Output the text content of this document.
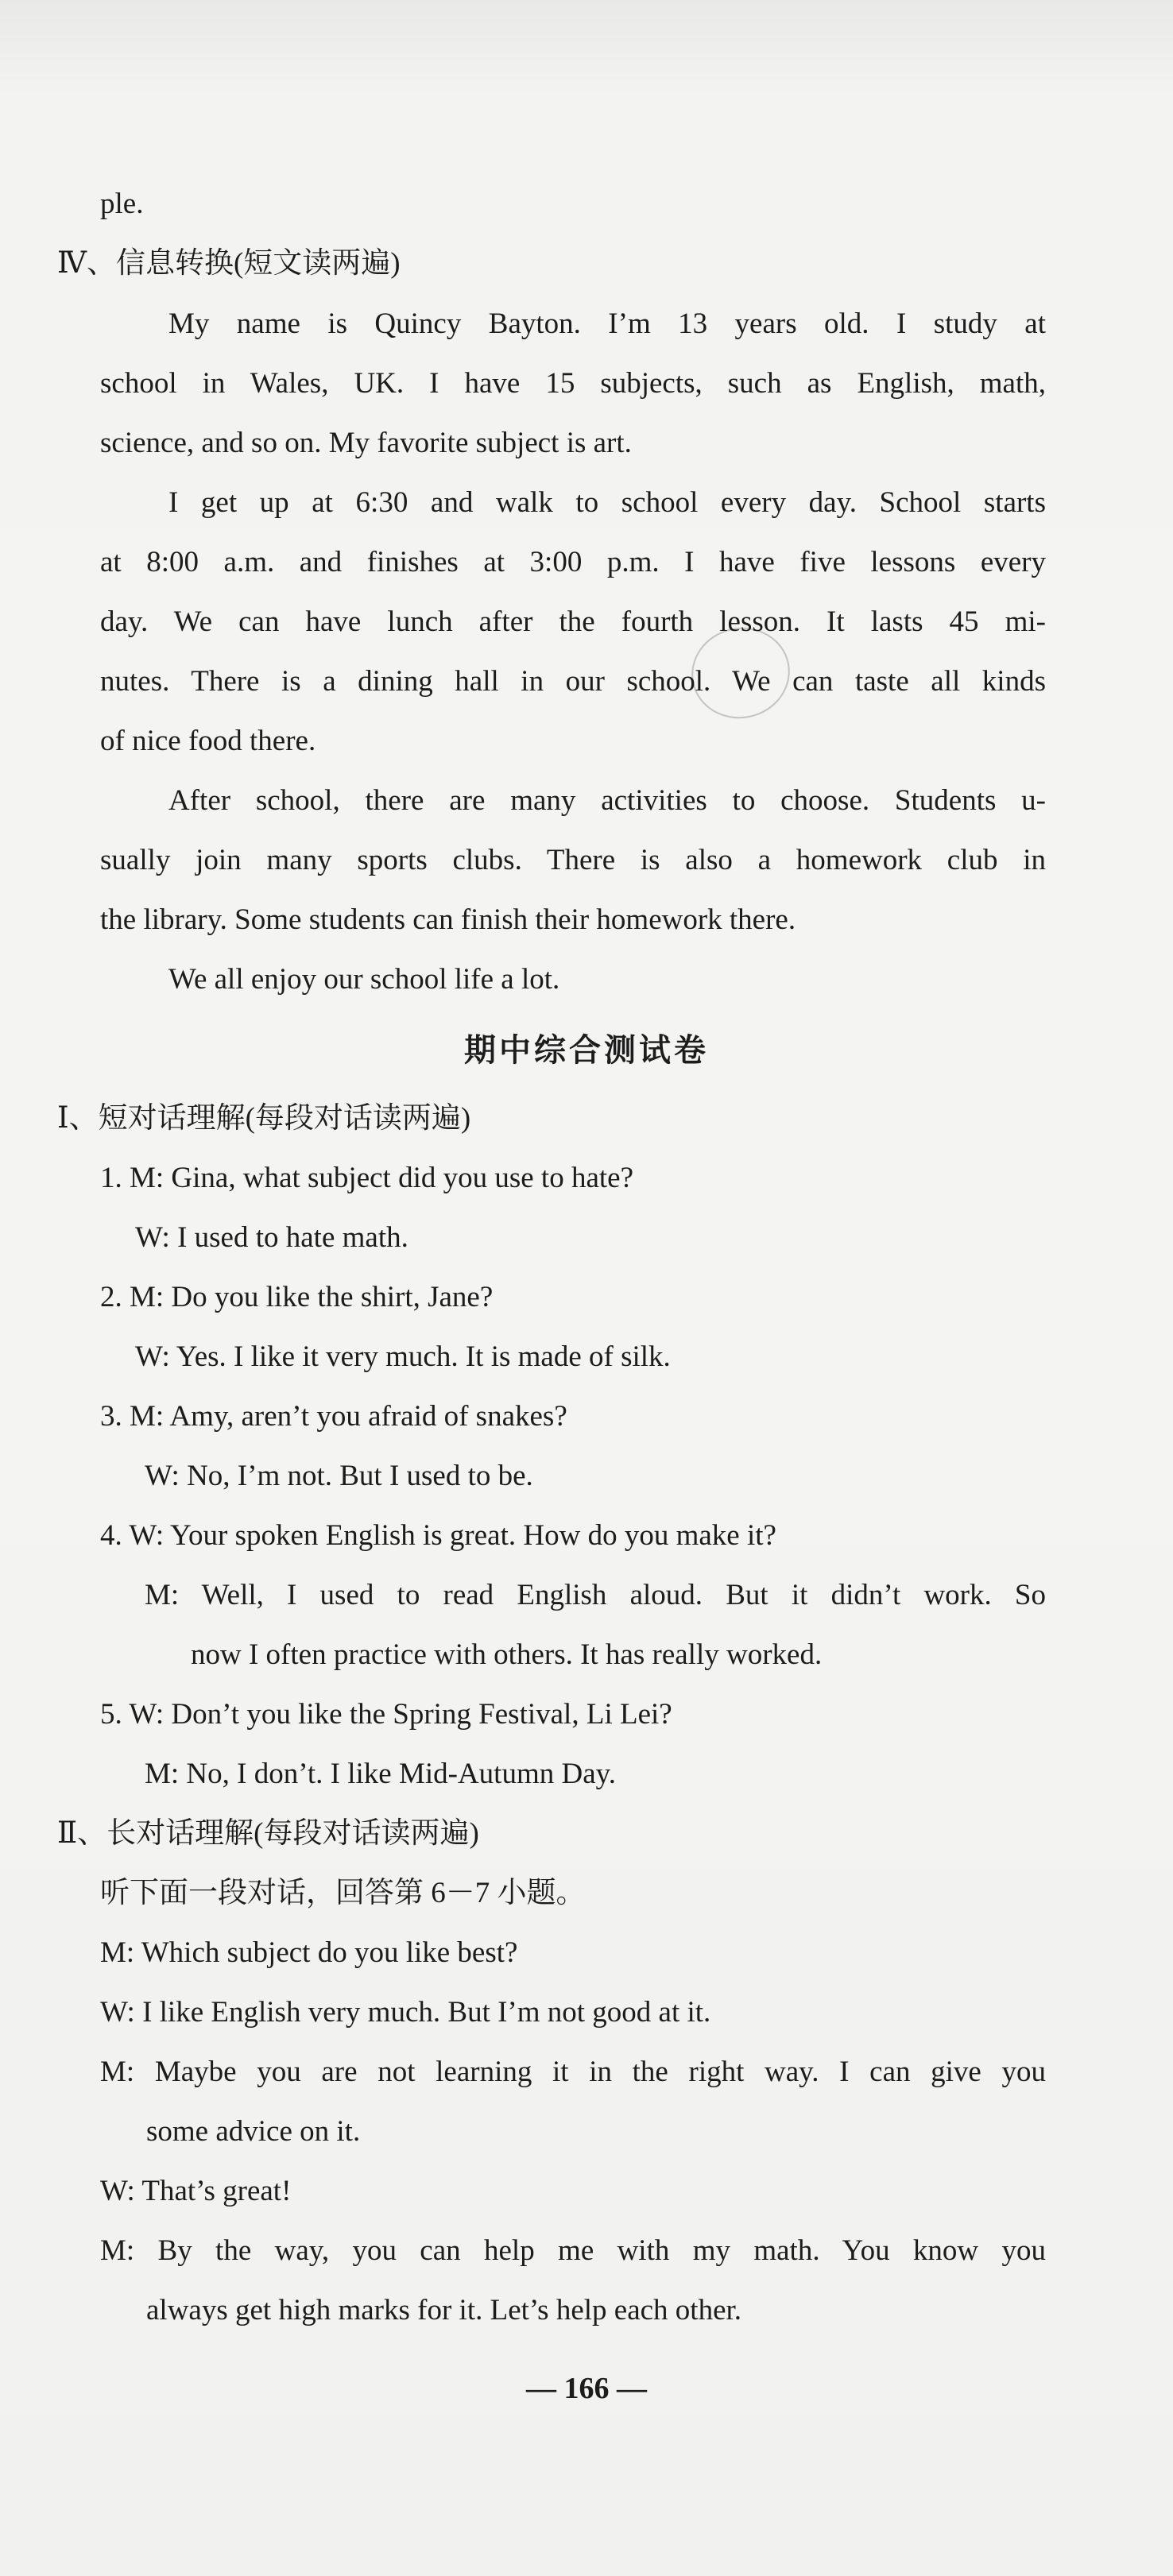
ple.
Ⅳ、信息转换(短文读两遍)
My name is Quincy Bayton. I’m 13 years old. I study at
school in Wales, UK. I have 15 subjects, such as English, math,
science, and so on. My favorite subject is art.
I get up at 6:30 and walk to school every day. School starts
at 8:00 a.m. and finishes at 3:00 p.m. I have five lessons every
day. We can have lunch after the fourth lesson. It lasts 45 mi-
nutes. There is a dining hall in our school. We can taste all kinds
of nice food there.
After school, there are many activities to choose. Students u-
sually join many sports clubs. There is also a homework club in
the library. Some students can finish their homework there.
We all enjoy our school life a lot.
Ⅰ、短对话理解(每段对话读两遍)
1. M: Gina, what subject did you use to hate?
W: I used to hate math.
2. M: Do you like the shirt, Jane?
W: Yes. I like it very much. It is made of silk.
3. M: Amy, aren’t you afraid of snakes?
W: No, I’m not. But I used to be.
4. W: Your spoken English is great. How do you make it?
M: Well, I used to read English aloud. But it didn’t work. So
now I often practice with others. It has really worked.
5. W: Don’t you like the Spring Festival, Li Lei?
M: No, I don’t. I like Mid-Autumn Day.
Ⅱ、长对话理解(每段对话读两遍)
听下面一段对话，回答第 6－7 小题。
M: Which subject do you like best?
W: I like English very much. But I’m not good at it.
M: Maybe you are not learning it in the right way. I can give you
some advice on it.
W: That’s great!
M: By the way, you can help me with my math. You know you
always get high marks for it. Let’s help each other.
期中综合测试卷
— 166 —
